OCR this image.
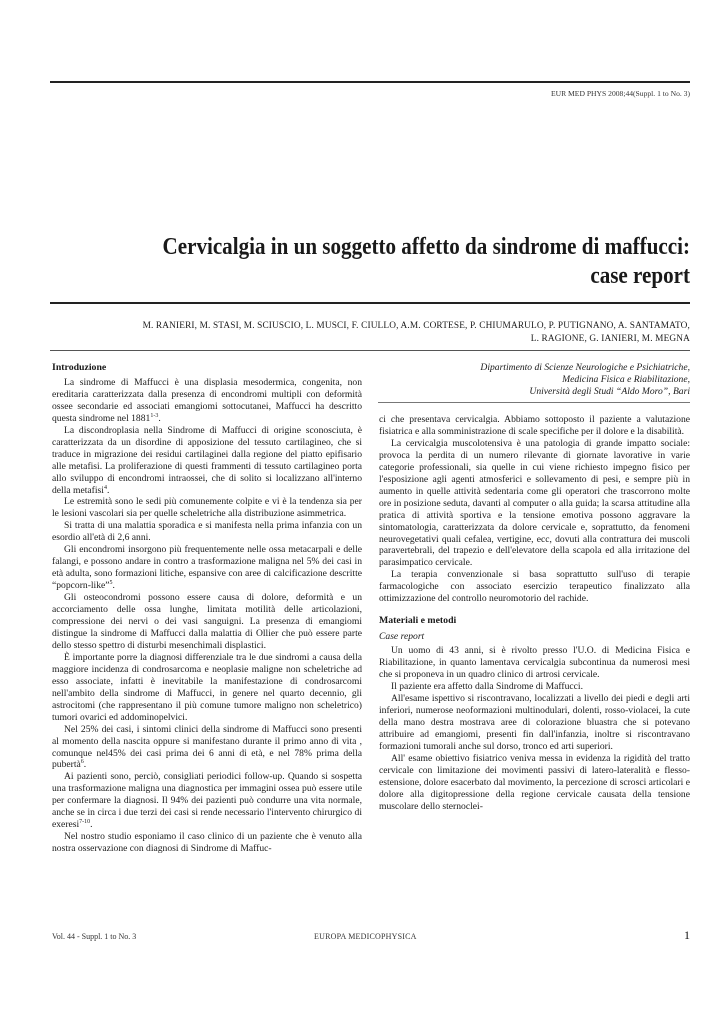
EUR MED PHYS 2008;44(Suppl. 1 to No. 3)
Cervicalgia in un soggetto affetto da sindrome di maffucci:
case report
M. RANIERI, M. STASI, M. SCIUSCIO, L. MUSCI, F. CIULLO, A.M. CORTESE, P. CHIUMARULO, P. PUTIGNANO, A. SANTAMATO,
L. RAGIONE, G. IANIERI, M. MEGNA
Dipartimento di Scienze Neurologiche e Psichiatriche,
Medicina Fisica e Riabilitazione,
Università degli Studi “Aldo Moro”, Bari
Introduzione

La sindrome di Maffucci è una displasia mesodermica, congenita, non ereditaria caratterizzata dalla presenza di encondromi multipli con deformità ossee secondarie ed associati emangiomi sottocutanei, Maffucci ha descritto questa sindrome nel 1881$^{1-3}$.

La discondroplasia nella Sindrome di Maffucci di origine sconosciuta, è caratterizzata da un disordine di apposizione del tessuto cartilagineo, che si traduce in migrazione dei residui cartilaginei dalla regione del piatto epifisario alle metafisi. La proliferazione di questi frammenti di tessuto cartilagineo porta allo sviluppo di encondromi intraossei, che di solito si localizzano all'interno della metafisi$^4$.

Le estremità sono le sedi più comunemente colpite e vi è la tendenza sia per le lesioni vascolari sia per quelle scheletriche alla distribuzione asimmetrica.

Si tratta di una malattia sporadica e si manifesta nella prima infanzia con un esordio all'età di 2,6 anni.

Gli encondromi insorgono più frequentemente nelle ossa metacarpali e delle falangi, e possono andare in contro a trasformazione maligna nel 5% dei casi in età adulta, sono formazioni litiche, espansive con aree di calcificazione descritte “popcorn-like”$^5$.

Gli osteocondromi possono essere causa di dolore, deformità e un accorciamento delle ossa lunghe, limitata motilità delle articolazioni, compressione dei nervi o dei vasi sanguigni. La presenza di emangiomi distingue la sindrome di Maffucci dalla malattia di Ollier che può essere parte dello stesso spettro di disturbi mesenchimali displastici.

È importante porre la diagnosi differenziale tra le due sindromi a causa della maggiore incidenza di condrosarcoma e neoplasie maligne non scheletriche ad esso associate, infatti è inevitabile la manifestazione di condrosarcomi nell'ambito della sindrome di Maffucci, in genere nel quarto decennio, gli astrocitomi (che rappresentano il più comune tumore maligno non scheletrico) tumori ovarici ed addominopelvici.

Nel 25% dei casi, i sintomi clinici della sindrome di Maffucci sono presenti al momento della nascita oppure si manifestano durante il primo anno di vita , comunque nel45% dei casi prima dei 6 anni di età, e nel 78% prima della pubertà$^6$.

Ai pazienti sono, perciò, consigliati periodici follow-up. Quando si sospetta una trasformazione maligna una diagnostica per immagini ossea può essere utile per confermare la diagnosi. Il 94% dei pazienti può condurre una vita normale, anche se in circa i due terzi dei casi si rende necessario l'intervento chirurgico di exeresi$^{7-10}$.

Nel nostro studio esponiamo il caso clinico di un paziente che è venuto alla nostra osservazione con diagnosi di Sindrome di Maffuc-

ci che presentava cervicalgia. Abbiamo sottoposto il paziente a valutazione fisiatrica e alla somministrazione di scale specifiche per il dolore e la disabilità.

La cervicalgia muscolotensiva è una patologia di grande impatto sociale: provoca la perdita di un numero rilevante di giornate lavorative in varie categorie professionali, sia quelle in cui viene richiesto impegno fisico per l'esposizione agli agenti atmosferici e sollevamento di pesi, e sempre più in aumento in quelle attività sedentaria come gli operatori che trascorrono molte ore in posizione seduta, davanti al computer o alla guida; la scarsa attitudine alla pratica di attività sportiva e la tensione emotiva possono aggravare la sintomatologia, caratterizzata da dolore cervicale e, soprattutto, da fenomeni neurovegetativi quali cefalea, vertigine, ecc, dovuti alla contrattura dei muscoli paravertebrali, del trapezio e dell'elevatore della scapola ed alla irritazione del parasimpatico cervicale.

La terapia convenzionale si basa soprattutto sull'uso di terapie farmacologiche con associato esercizio terapeutico finalizzato alla ottimizzazione del controllo neuromotorio del rachide.

Materiali e metodi
Case report

Un uomo di 43 anni, si è rivolto presso l'U.O. di Medicina Fisica e Riabilitazione, in quanto lamentava cervicalgia subcontinua da numerosi mesi che si proponeva in un quadro clinico di artrosi cervicale.

Il paziente era affetto dalla Sindrome di Maffucci.

All'esame ispettivo si riscontravano, localizzati a livello dei piedi e degli arti inferiori, numerose neoformazioni multinodulari, dolenti, rosso-violacei, la cute della mano destra mostrava aree di colorazione bluastra che si potevano attribuire ad emangiomi, presenti fin dall'infanzia, inoltre si riscontravano formazioni tumorali anche sul dorso, tronco ed arti superiori.

All' esame obiettivo fisiatrico veniva messa in evidenza la rigidità del tratto cervicale con limitazione dei movimenti passivi di latero-lateralità e flesso-estensione, dolore esacerbato dal movimento, la percezione di scrosci articolari e dolore alla digitopressione della regione cervicale causata della tensione muscolare dello sternoclei-

Vol. 44 - Suppl. 1 to No. 3	EUROPA MEDICOPHYSICA	1
